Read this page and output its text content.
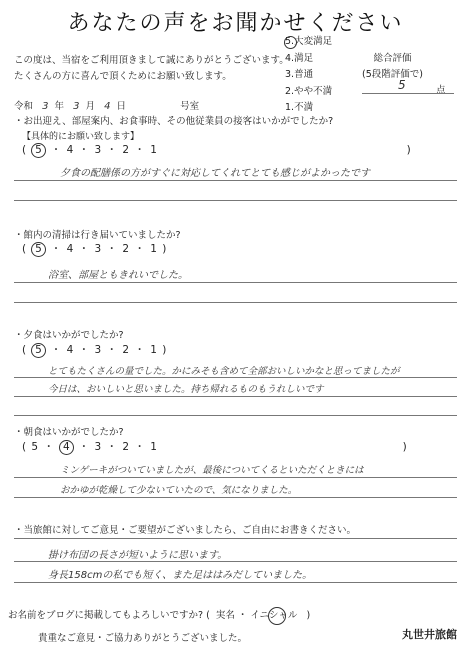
あなたの声をお聞かせください
この度は、当宿をご利用頂きまして誠にありがとうございます。
たくさんの方に喜んで頂くためにお願い致します。
5.大変満足
4.満足
3.普通
2.やや不満
1.不満
総合評価
(5段階評価で)
5	点
令和 3 年 3 月 4 日	号室
・お出迎え、部屋案内、お食事時、その他従業員の接客はいかがでしたか?
【具体的にお願い致します】
( 5 ・ 4 ・ 3 ・ 2 ・ 1	)
夕食の配膳係の方がすぐに対応してくれてとても感じがよかったです
・館内の清掃は行き届いていましたか?
( 5 ・ 4 ・ 3 ・ 2 ・ 1 )
浴室、部屋ともきれいでした。
・夕食はいかがでしたか?
( 5 ・ 4 ・ 3 ・ 2 ・ 1 )
とてもたくさんの量でした。かにみそも含めて全部おいしいかなと思ってましたが
今日は、おいしいと思いました。持ち帰れるものもうれしいです
・朝食はいかがでしたか?
( 5 ・ 4 ・ 3 ・ 2 ・ 1	)
ミンゲーキがついていましたが、最後についてくるといただくときには
おかゆが乾燥して少ないていたので、気になりました。
・当旅館に対してご意見・ご要望がございましたら、ご自由にお書きください。
掛け布団の長さが短いように思います。
身長158cmの私でも短く、また足ははみだしていました。
お名前をブログに掲載してもよろしいですか? ( 実名 ・ イニシャル )
貴重なご意見・ご協力ありがとうございました。	丸世井旅館
